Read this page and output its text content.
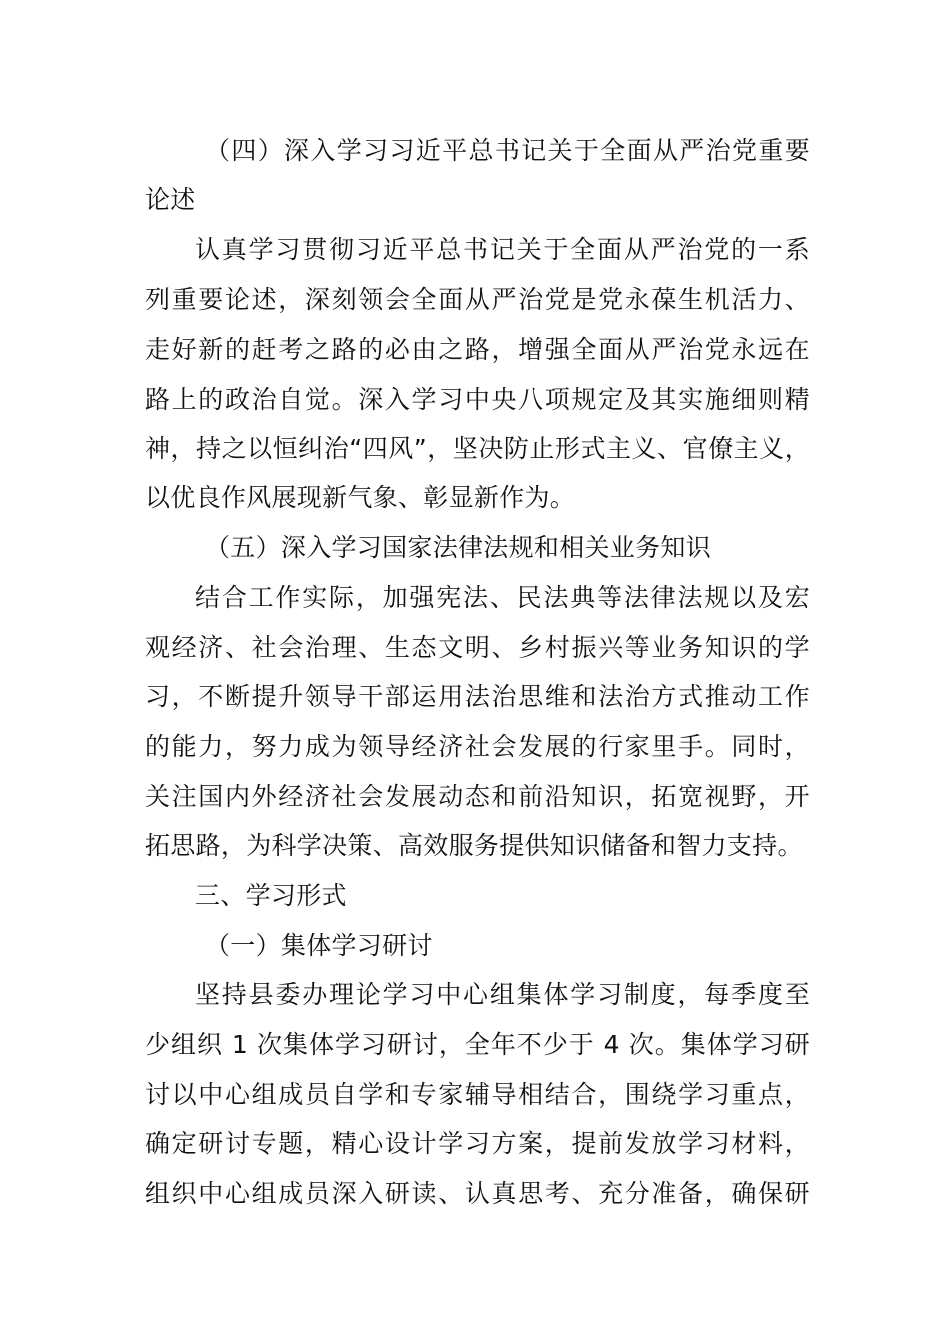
（四）深入学习习近平总书记关于全面从严治党重要
论述
认真学习贯彻习近平总书记关于全面从严治党的一系
列重要论述，深刻领会全面从严治党是党永葆生机活力、
走好新的赶考之路的必由之路，增强全面从严治党永远在
路上的政治自觉。深入学习中央八项规定及其实施细则精
神，持之以恒纠治“四风”，坚决防止形式主义、官僚主义，
以优良作风展现新气象、彰显新作为。
（五）深入学习国家法律法规和相关业务知识
结合工作实际，加强宪法、民法典等法律法规以及宏
观经济、社会治理、生态文明、乡村振兴等业务知识的学
习，不断提升领导干部运用法治思维和法治方式推动工作
的能力，努力成为领导经济社会发展的行家里手。同时，
关注国内外经济社会发展动态和前沿知识，拓宽视野，开
拓思路，为科学决策、高效服务提供知识储备和智力支持。
三、学习形式
（一）集体学习研讨
坚持县委办理论学习中心组集体学习制度，每季度至
少组织 1 次集体学习研讨，全年不少于 4 次。集体学习研
讨以中心组成员自学和专家辅导相结合，围绕学习重点，
确定研讨专题，精心设计学习方案，提前发放学习材料，
组织中心组成员深入研读、认真思考、充分准备，确保研
